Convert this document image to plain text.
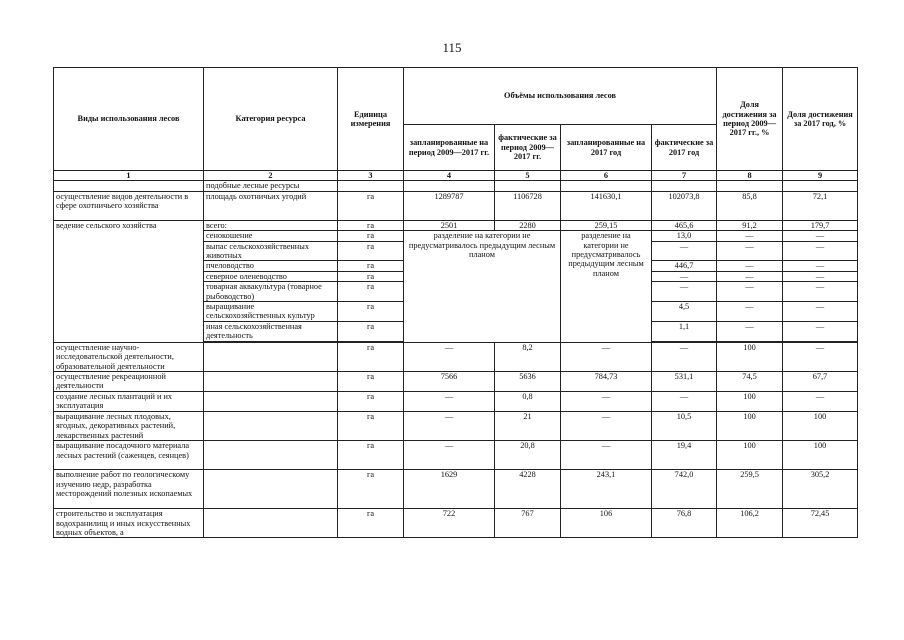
115
Виды использования лесов	Категория ресурса	Единица измерения	Объёмы использования лесов				Доля достижения за период 2009—2017 гг., %	Доля достижения за 2017 год, %
			запланированные на период 2009—2017 гг.	фактические за период 2009—2017 гг.	запланированные на 2017 год	фактические за 2017 год		
1	2	3	4	5	6	7	8	9
	подобные лесные ресурсы							
осуществление видов деятельности в сфере охотничьего хозяйства	площадь охотничьих угодий	га	1289787	1106728	141630,1	102073,8	85,8	72,1
ведение сельского хозяйства	всего:	га	2501	2280	259,15	465,6	91,2	179,7
	сенокошение	га	разделение на категории не предусматривалось предыдущим лесным планом		разделение на категории не предусматривалось предыдущим лесным планом	13,0	—	—
	выпас сельскохозяйственных животных	га				—	—	—
	пчеловодство	га				446,7	—	—
	северное оленеводство	га				—	—	—
	товарная аквакультура (товарное рыбоводство)	га				—	—	—
	выращивание сельскохозяйственных культур	га				4,5	—	—
	иная сельскохозяйственная деятельность	га				1,1	—	—

осуществление научно-исследовательской деятельности, образовательной деятельности		га	—	8,2	—	—	100	—
осуществление рекреационной деятельности		га	7566	5636	784,73	531,1	74,5	67,7
создание лесных плантаций и их эксплуатация		га	—	0,8	—	—	100	—
выращивание лесных плодовых, ягодных, декоративных растений, лекарственных растений		га	—	21	—	10,5	100	100
выращивание посадочного материала лесных растений (саженцев, сеянцев)		га	—	20,8	—	19,4	100	100
выполнение работ по геологическому изучению недр, разработка месторождений полезных ископаемых		га	1629	4228	243,1	742,0	259,5	305,2
строительство и эксплуатация водохранилищ и иных искусственных водных объектов, а		га	722	767	106	76,8	106,2	72,45
